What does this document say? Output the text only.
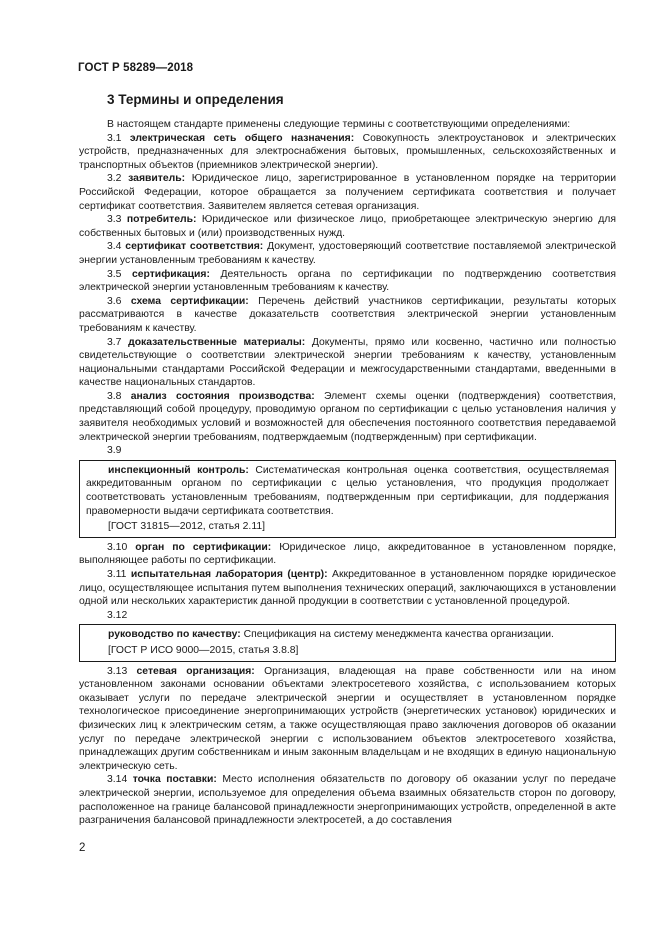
ГОСТ Р 58289—2018
3 Термины и определения

В настоящем стандарте применены следующие термины с соответствующими определениями:

3.1 электрическая сеть общего назначения: Совокупность электроустановок и электрических устройств, предназначенных для электроснабжения бытовых, промышленных, сельскохозяйственных и транспортных объектов (приемников электрической энергии).

3.2 заявитель: Юридическое лицо, зарегистрированное в установленном порядке на территории Российской Федерации, которое обращается за получением сертификата соответствия и получает сертификат соответствия. Заявителем является сетевая организация.

3.3 потребитель: Юридическое или физическое лицо, приобретающее электрическую энергию для собственных бытовых и (или) производственных нужд.

3.4 сертификат соответствия: Документ, удостоверяющий соответствие поставляемой электрической энергии установленным требованиям к качеству.

3.5 сертификация: Деятельность органа по сертификации по подтверждению соответствия электрической энергии установленным требованиям к качеству.

3.6 схема сертификации: Перечень действий участников сертификации, результаты которых рассматриваются в качестве доказательств соответствия электрической энергии установленным требованиям к качеству.

3.7 доказательственные материалы: Документы, прямо или косвенно, частично или полностью свидетельствующие о соответствии электрической энергии требованиям к качеству, установленным национальными стандартами Российской Федерации и межгосударственными стандартами, введенными в качестве национальных стандартов.

3.8 анализ состояния производства: Элемент схемы оценки (подтверждения) соответствия, представляющий собой процедуру, проводимую органом по сертификации с целью установления наличия у заявителя необходимых условий и возможностей для обеспечения постоянного соответствия передаваемой электрической энергии требованиям, подтверждаемым (подтвержденным) при сертификации.

3.9

инспекционный контроль: Систематическая контрольная оценка соответствия, осуществляемая аккредитованным органом по сертификации с целью установления, что продукция продолжает соответствовать установленным требованиям, подтвержденным при сертификации, для поддержания правомерности выдачи сертификата соответствия.

[ГОСТ 31815—2012, статья 2.11]

3.10 орган по сертификации: Юридическое лицо, аккредитованное в установленном порядке, выполняющее работы по сертификации.

3.11 испытательная лаборатория (центр): Аккредитованное в установленном порядке юридическое лицо, осуществляющее испытания путем выполнения технических операций, заключающихся в установлении одной или нескольких характеристик данной продукции в соответствии с установленной процедурой.

3.12

руководство по качеству: Спецификация на систему менеджмента качества организации.

[ГОСТ Р ИСО 9000—2015, статья 3.8.8]

3.13 сетевая организация: Организация, владеющая на праве собственности или на ином установленном законами основании объектами электросетевого хозяйства, с использованием которых оказывает услуги по передаче электрической энергии и осуществляет в установленном порядке технологическое присоединение энергопринимающих устройств (энергетических установок) юридических и физических лиц к электрическим сетям, а также осуществляющая право заключения договоров об оказании услуг по передаче электрической энергии с использованием объектов электросетевого хозяйства, принадлежащих другим собственникам и иным законным владельцам и не входящих в единую национальную электрическую сеть.

3.14 точка поставки: Место исполнения обязательств по договору об оказании услуг по передаче электрической энергии, используемое для определения объема взаимных обязательств сторон по договору, расположенное на границе балансовой принадлежности энергопринимающих устройств, определенной в акте разграничения балансовой принадлежности электросетей, а до составления

2
